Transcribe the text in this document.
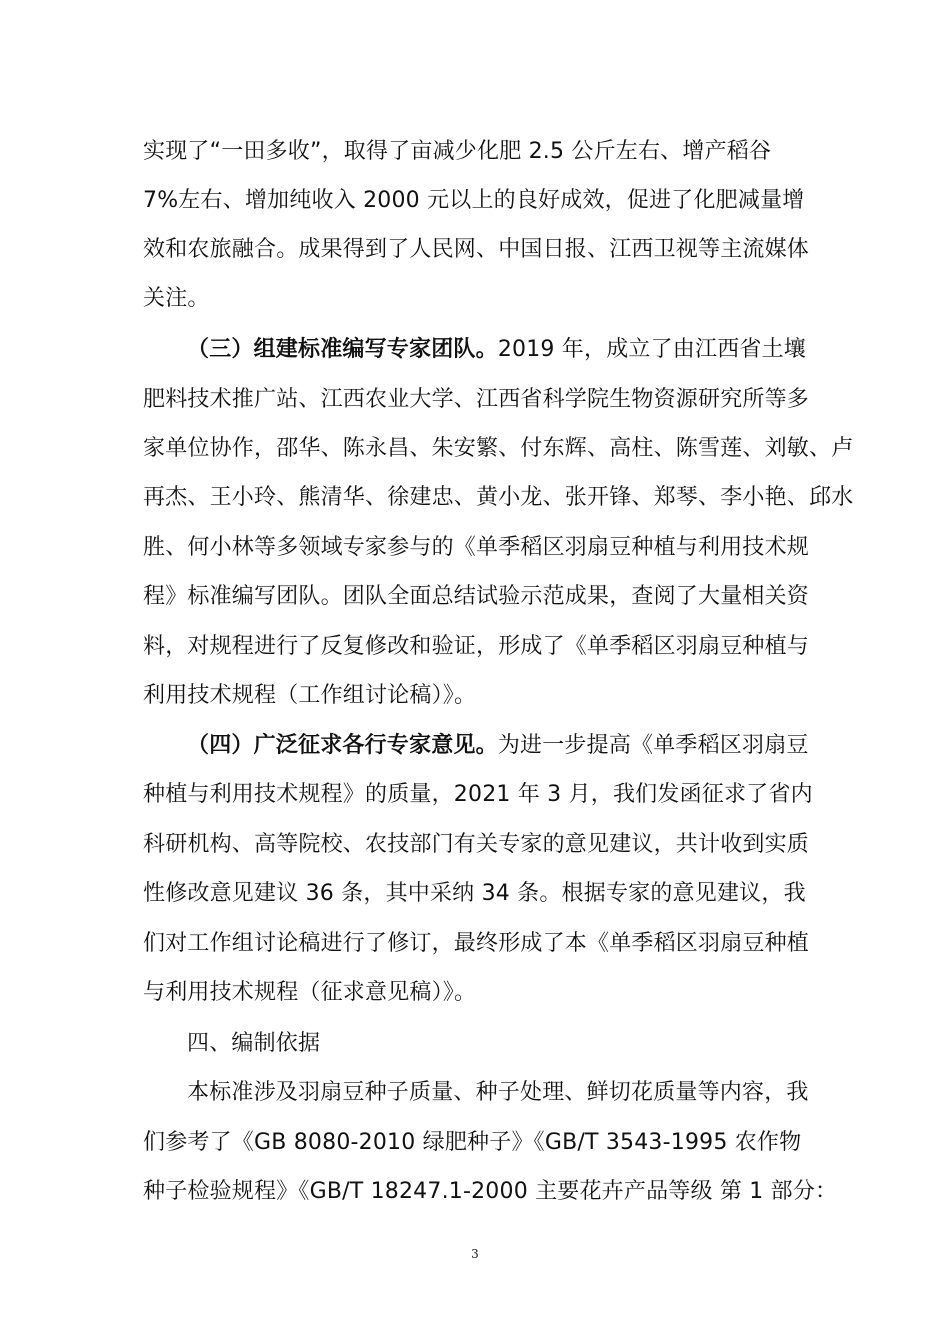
实现了“一田多收”，取得了亩减少化肥 2.5 公斤左右、增产稻谷
7%左右、增加纯收入 2000 元以上的良好成效，促进了化肥减量增
效和农旅融合。成果得到了人民网、中国日报、江西卫视等主流媒体
关注。
（三）组建标准编写专家团队。2019 年，成立了由江西省土壤
肥料技术推广站、江西农业大学、江西省科学院生物资源研究所等多
家单位协作，邵华、陈永昌、朱安繁、付东辉、高柱、陈雪莲、刘敏、卢
再杰、王小玲、熊清华、徐建忠、黄小龙、张开锋、郑琴、李小艳、邱水
胜、何小林等多领域专家参与的《单季稻区羽扇豆种植与利用技术规
程》标准编写团队。团队全面总结试验示范成果，查阅了大量相关资
料，对规程进行了反复修改和验证，形成了《单季稻区羽扇豆种植与
利用技术规程（工作组讨论稿）》。
（四）广泛征求各行专家意见。为进一步提高《单季稻区羽扇豆
种植与利用技术规程》的质量，2021 年 3 月，我们发函征求了省内
科研机构、高等院校、农技部门有关专家的意见建议，共计收到实质
性修改意见建议 36 条，其中采纳 34 条。根据专家的意见建议，我
们对工作组讨论稿进行了修订，最终形成了本《单季稻区羽扇豆种植
与利用技术规程（征求意见稿）》。
四、编制依据
本标准涉及羽扇豆种子质量、种子处理、鲜切花质量等内容，我
们参考了《GB 8080-2010 绿肥种子》《GB/T 3543-1995 农作物
种子检验规程》《GB/T 18247.1-2000 主要花卉产品等级 第 1 部分：
3
